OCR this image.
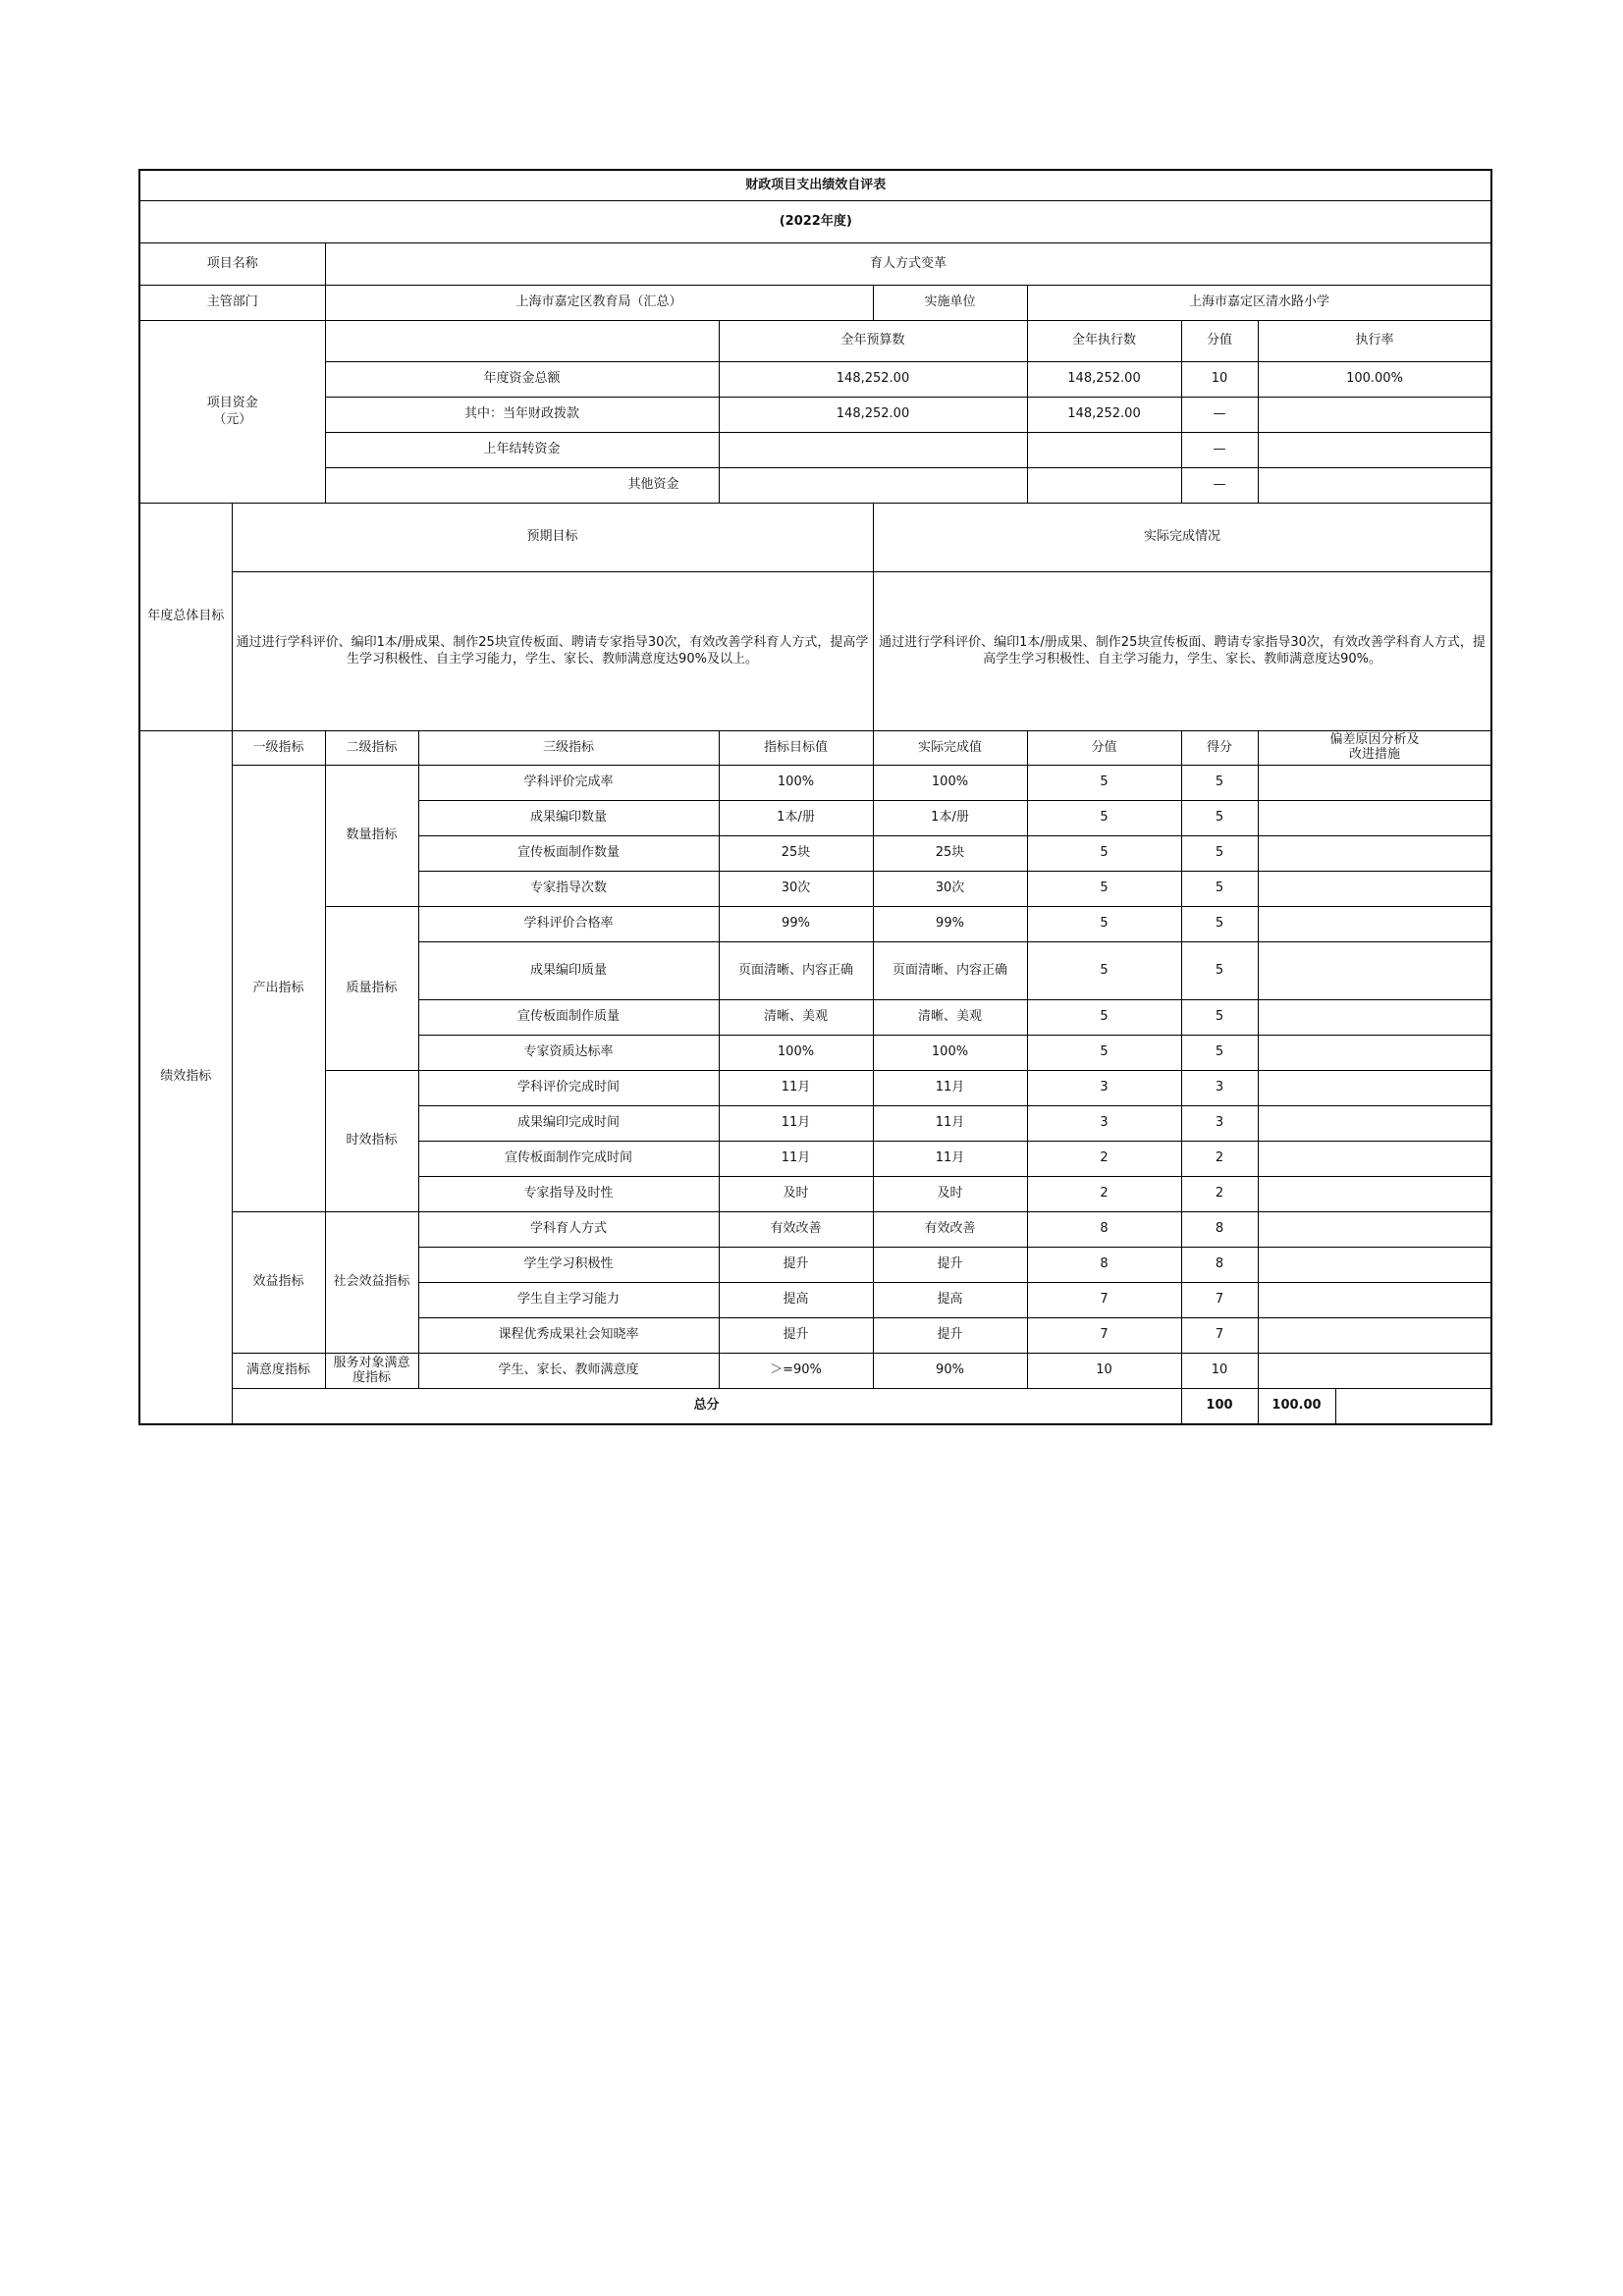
财政项目支出绩效自评表										
(2022年度)										
项目名称		育人方式变革								
主管部门		上海市嘉定区教育局（汇总）			实施单位	上海市嘉定区清水路小学				
项目资金
（元）				全年预算数		全年执行数	分值	执行率	
		年度资金总额		148,252.00		148,252.00	10	100.00%	
		其中：当年财政拨款		148,252.00		148,252.00	—			
		上年结转资金					—			
		其他资金					—			
年度总体目标	预期目标				实际完成情况					
	通过进行学科评价、编印1本/册成果、制作25块宣传板面、聘请专家指导30次，有效改善学科育人方式，提高学生学习积极性、自主学习能力，学生、家长、教师满意度达90%及以上。				通过进行学科评价、编印1本/册成果、制作25块宣传板面、聘请专家指导30次，有效改善学科育人方式，提高学生学习积极性、自主学习能力，学生、家长、教师满意度达90%。					
绩效指标	一级指标	二级指标	三级指标	指标目标值	实际完成值	分值	得分	偏差原因分析及
改进措施		
	产出指标	数量指标	学科评价完成率	100%	100%	5	5			
			成果编印数量	1本/册	1本/册	5	5			
			宣传板面制作数量	25块	25块	5	5			
			专家指导次数	30次	30次	5	5			
		质量指标	学科评价合格率	99%	99%	5	5			
			成果编印质量	页面清晰、内容正确	页面清晰、内容正确	5	5			
			宣传板面制作质量	清晰、美观	清晰、美观	5	5			
			专家资质达标率	100%	100%	5	5			
		时效指标	学科评价完成时间	11月	11月	3	3			
			成果编印完成时间	11月	11月	3	3			
			宣传板面制作完成时间	11月	11月	2	2			
			专家指导及时性	及时	及时	2	2			
	效益指标	社会效益指标	学科育人方式	有效改善	有效改善	8	8			
			学生学习积极性	提升	提升	8	8			
			学生自主学习能力	提高	提高	7	7			
			课程优秀成果社会知晓率	提升	提升	7	7			
	满意度指标	服务对象满意度指标	学生、家长、教师满意度	＞=90%	90%	10	10			
	总分						100	100.00		
